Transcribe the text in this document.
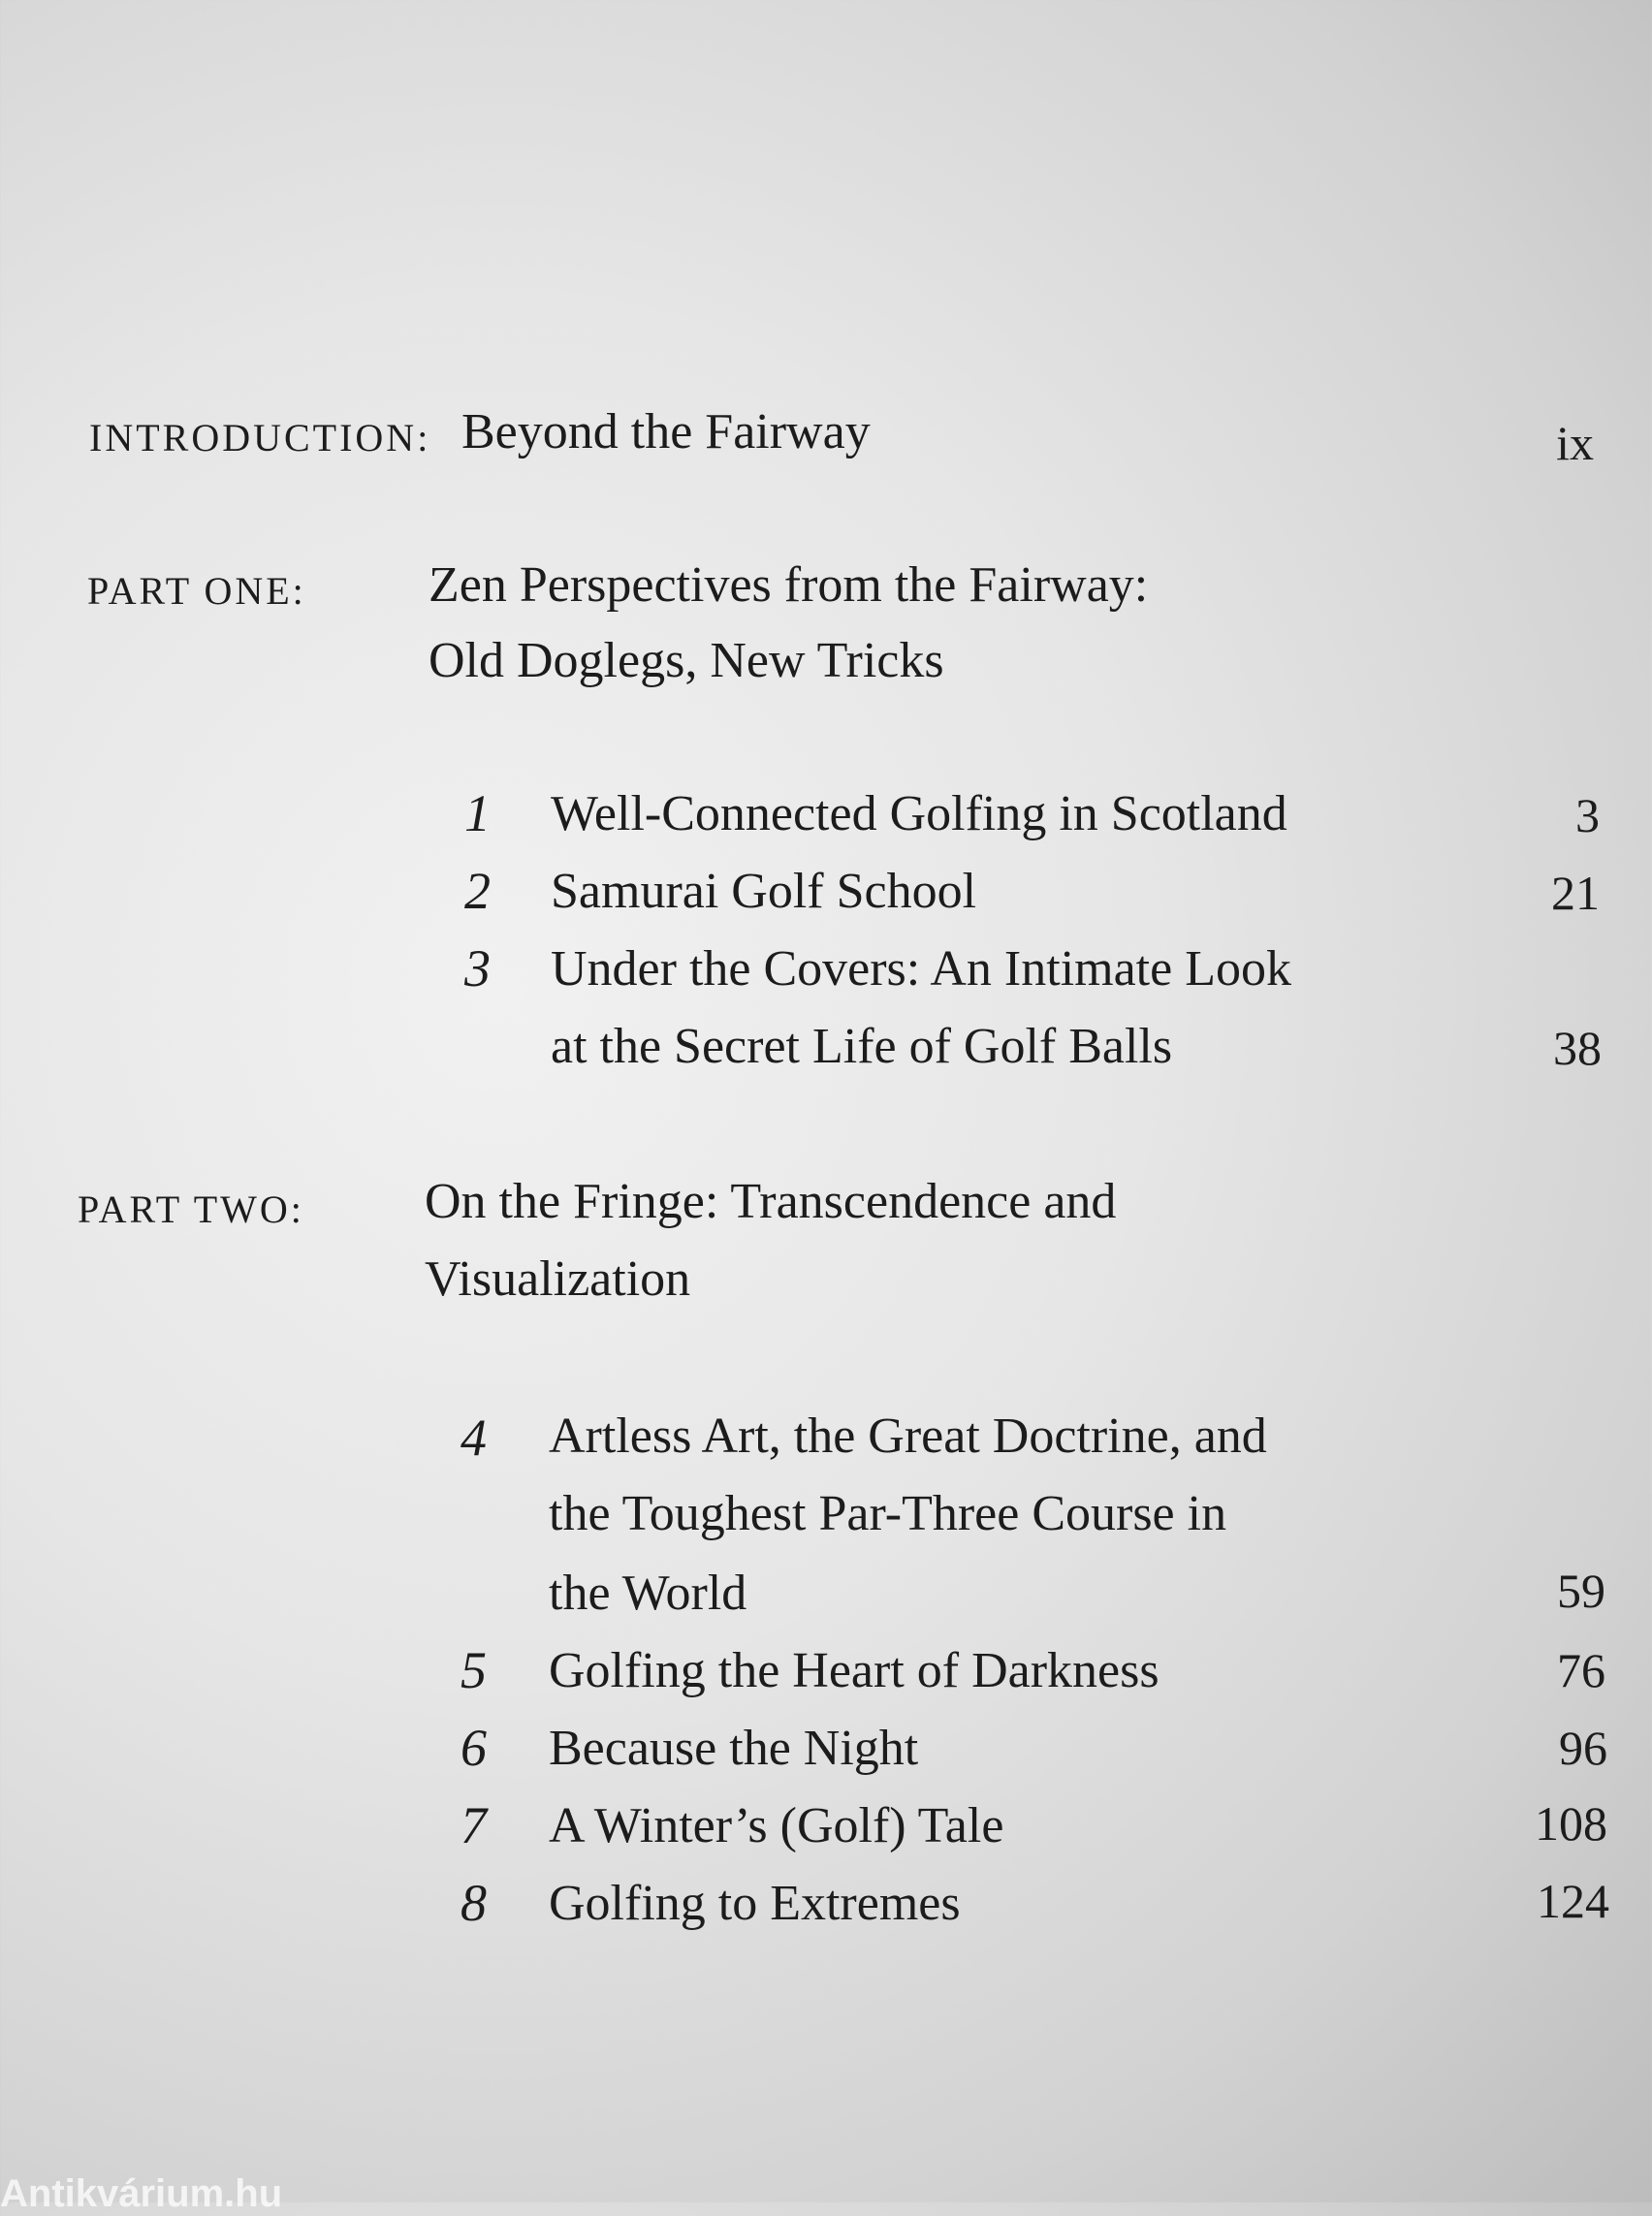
INTRODUCTION: Beyond the Fairway	ix
PART ONE: Zen Perspectives from the Fairway:
Old Doglegs, New Tricks
1 Well-Connected Golfing in Scotland	3
2 Samurai Golf School	21
3 Under the Covers: An Intimate Look
at the Secret Life of Golf Balls	38
PART TWO: On the Fringe: Transcendence and
Visualization
4 Artless Art, the Great Doctrine, and
the Toughest Par-Three Course in
the World	59
5 Golfing the Heart of Darkness	76
6 Because the Night	96
7 A Winter’s (Golf) Tale	108
8 Golfing to Extremes	124
Antikvárium.hu
